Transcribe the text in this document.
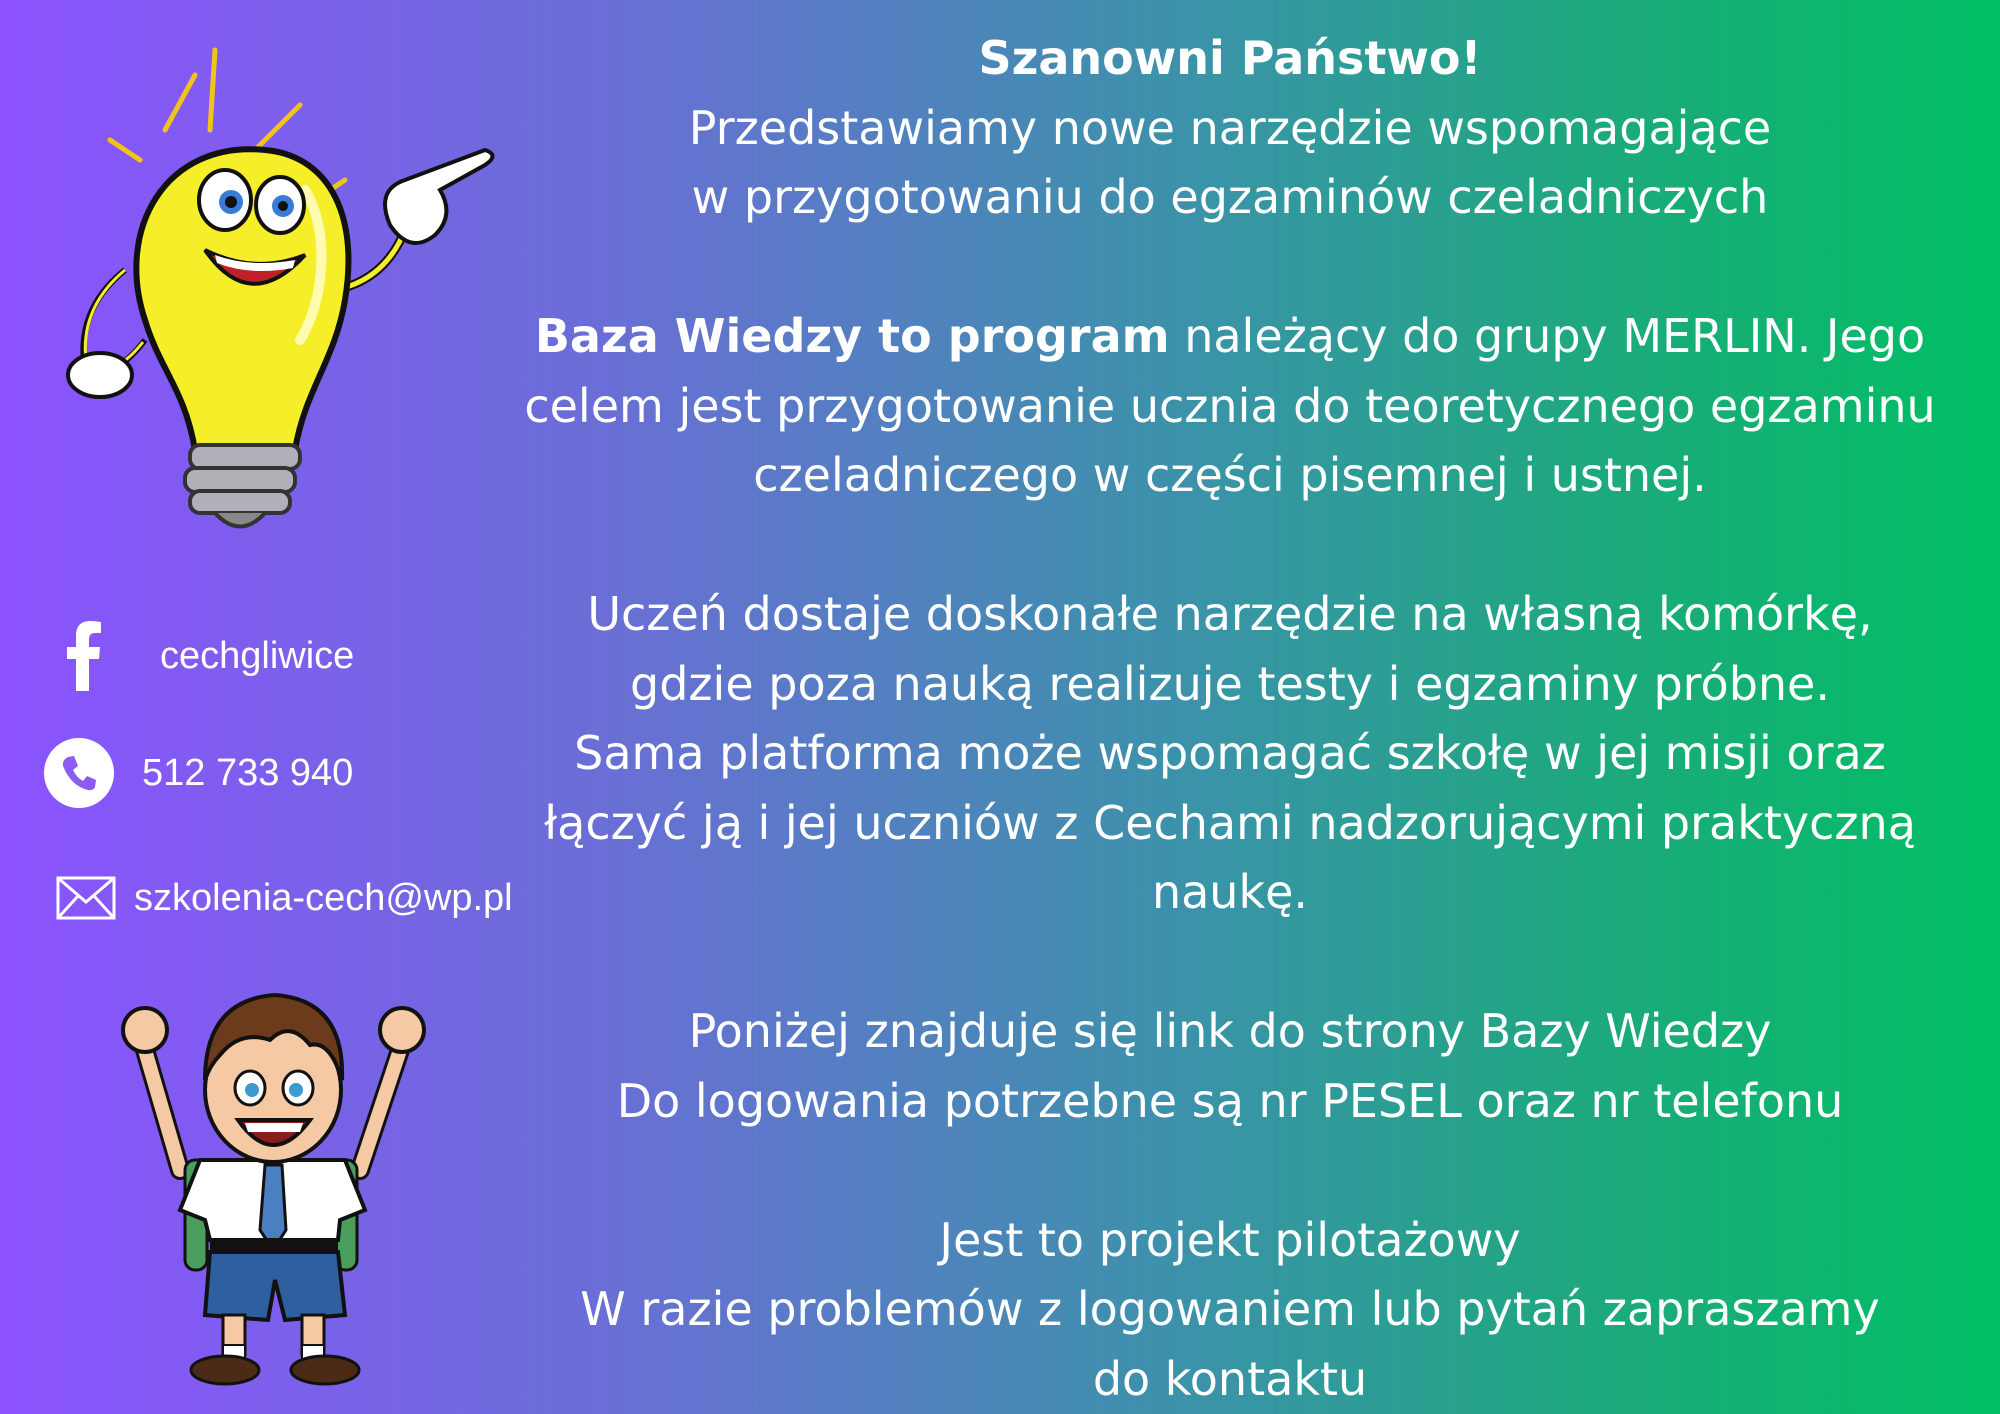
Szanowni Państwo!

Przedstawiamy nowe narzędzie wspomagające

w przygotowaniu do egzaminów czeladniczych

Baza Wiedzy to program należący do grupy MERLIN. Jego

celem jest przygotowanie ucznia do teoretycznego egzaminu

czeladniczego w części pisemnej i ustnej.

Uczeń dostaje doskonałe narzędzie na własną komórkę,

gdzie poza nauką realizuje testy i egzaminy próbne.

Sama platforma może wspomagać szkołę w jej misji oraz

łączyć ją i jej uczniów z Cechami nadzorującymi praktyczną

naukę.

Poniżej znajduje się link do strony Bazy Wiedzy

Do logowania potrzebne są nr PESEL oraz nr telefonu

Jest to projekt pilotażowy

W razie problemów z logowaniem lub pytań zapraszamy

do kontaktu

cechgliwice
512 733 940
szkolenia-cech@wp.pl
